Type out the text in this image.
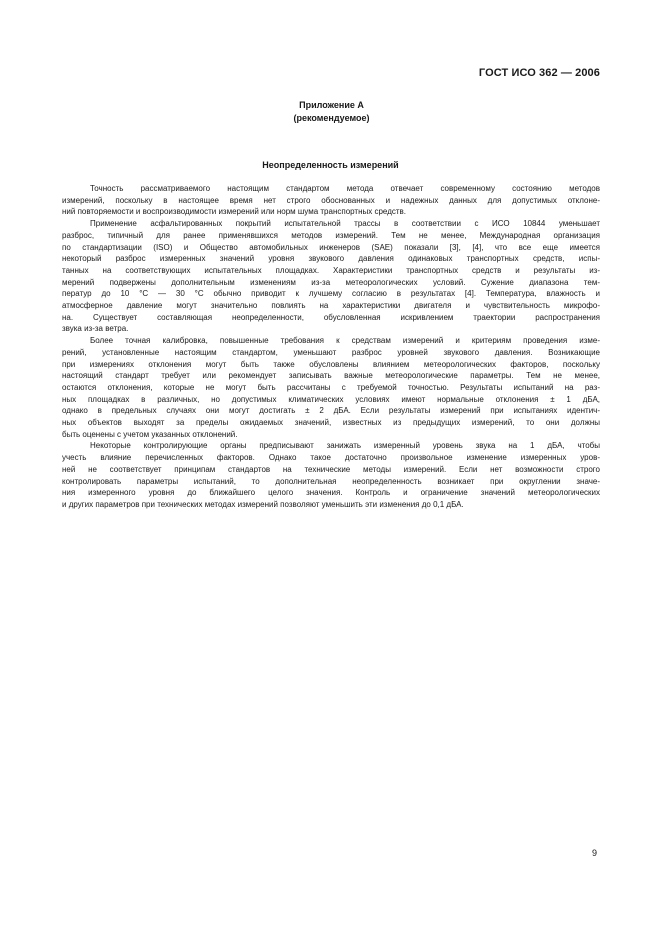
ГОСТ ИСО 362 — 2006
Приложение А
(рекомендуемое)
Неопределенность измерений
Точность рассматриваемого настоящим стандартом метода отвечает современному состоянию методов
измерений, поскольку в настоящее время нет строго обоснованных и надежных данных для допустимых отклоне-
ний повторяемости и воспроизводимости измерений или норм шума транспортных средств.
Применение асфальтированных покрытий испытательной трассы в соответствии с ИСО 10844 уменьшает
разброс, типичный для ранее применявшихся методов измерений. Тем не менее, Международная организация
по стандартизации (ISO) и Общество автомобильных инженеров (SAE) показали [3], [4], что все еще имеется
некоторый разброс измеренных значений уровня звукового давления одинаковых транспортных средств, испы-
танных на соответствующих испытательных площадках. Характеристики транспортных средств и результаты из-
мерений подвержены дополнительным изменениям из-за метеорологических условий. Сужение диапазона тем-
ператур до 10 °С — 30 °С обычно приводит к лучшему согласию в результатах [4]. Температура, влажность и
атмосферное давление могут значительно повлиять на характеристики двигателя и чувствительность микрофо-
на. Существует составляющая неопределенности, обусловленная искривлением траектории распространения
звука из-за ветра.
Более точная калибровка, повышенные требования к средствам измерений и критериям проведения изме-
рений, установленные настоящим стандартом, уменьшают разброс уровней звукового давления. Возникающие
при измерениях отклонения могут быть также обусловлены влиянием метеорологических факторов, поскольку
настоящий стандарт требует или рекомендует записывать важные метеорологические параметры. Тем не менее,
остаются отклонения, которые не могут быть рассчитаны с требуемой точностью. Результаты испытаний на раз-
ных площадках в различных, но допустимых климатических условиях имеют нормальные отклонения ± 1 дБА,
однако в предельных случаях они могут достигать ± 2 дБА. Если результаты измерений при испытаниях идентич-
ных объектов выходят за пределы ожидаемых значений, известных из предыдущих измерений, то они должны
быть оценены с учетом указанных отклонений.
Некоторые контролирующие органы предписывают занижать измеренный уровень звука на 1 дБА, чтобы
учесть влияние перечисленных факторов. Однако такое достаточно произвольное изменение измеренных уров-
ней не соответствует принципам стандартов на технические методы измерений. Если нет возможности строго
контролировать параметры испытаний, то дополнительная неопределенность возникает при округлении значе-
ния измеренного уровня до ближайшего целого значения. Контроль и ограничение значений метеорологических
и других параметров при технических методах измерений позволяют уменьшить эти изменения до 0,1 дБА.
9
